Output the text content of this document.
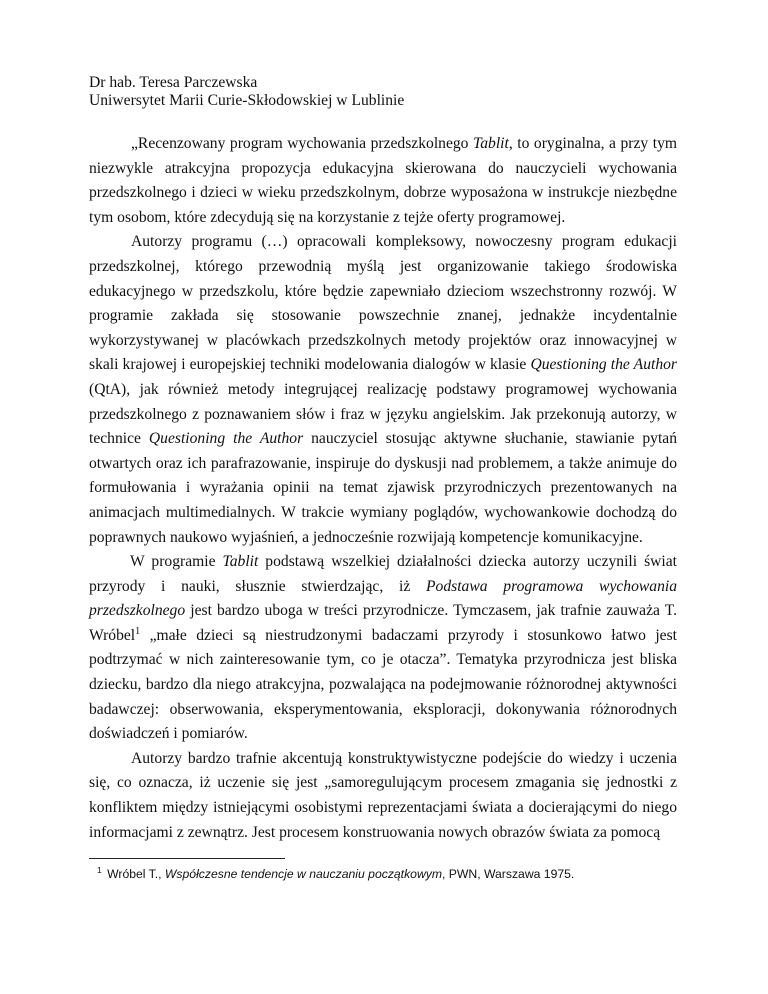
Dr hab. Teresa Parczewska
Uniwersytet Marii Curie-Skłodowskiej w Lublinie

„Recenzowany program wychowania przedszkolnego Tablit, to oryginalna, a przy tym niezwykle atrakcyjna propozycja edukacyjna skierowana do nauczycieli wychowania przedszkolnego i dzieci w wieku przedszkolnym, dobrze wyposażona w instrukcje niezbędne tym osobom, które zdecydują się na korzystanie z tejże oferty programowej.

Autorzy programu (…) opracowali kompleksowy, nowoczesny program edukacji przedszkolnej, którego przewodnią myślą jest organizowanie takiego środowiska edukacyjnego w przedszkolu, które będzie zapewniało dzieciom wszechstronny rozwój. W programie zakłada się stosowanie powszechnie znanej, jednakże incydentalnie wykorzystywanej w placówkach przedszkolnych metody projektów oraz innowacyjnej w skali krajowej i europejskiej techniki modelowania dialogów w klasie Questioning the Author (QtA), jak również metody integrującej realizację podstawy programowej wychowania przedszkolnego z poznawaniem słów i fraz w języku angielskim. Jak przekonują autorzy, w technice Questioning the Author nauczyciel stosując aktywne słuchanie, stawianie pytań otwartych oraz ich parafrazowanie, inspiruje do dyskusji nad problemem, a także animuje do formułowania i wyrażania opinii na temat zjawisk przyrodniczych prezentowanych na animacjach multimedialnych. W trakcie wymiany poglądów, wychowankowie dochodzą do poprawnych naukowo wyjaśnień, a jednocześnie rozwijają kompetencje komunikacyjne.

W programie Tablit podstawą wszelkiej działalności dziecka autorzy uczynili świat przyrody i nauki, słusznie stwierdzając, iż Podstawa programowa wychowania przedszkolnego jest bardzo uboga w treści przyrodnicze. Tymczasem, jak trafnie zauważa T. Wróbel$^1$ „małe dzieci są niestrudzonymi badaczami przyrody i stosunkowo łatwo jest podtrzymać w nich zainteresowanie tym, co je otacza”. Tematyka przyrodnicza jest bliska dziecku, bardzo dla niego atrakcyjna, pozwalająca na podejmowanie różnorodnej aktywności badawczej: obserwowania, eksperymentowania, eksploracji, dokonywania różnorodnych doświadczeń i pomiarów.

Autorzy bardzo trafnie akcentują konstruktywistyczne podejście do wiedzy i uczenia się, co oznacza, iż uczenie się jest „samoregulującym procesem zmagania się jednostki z konfliktem między istniejącymi osobistymi reprezentacjami świata a docierającymi do niego informacjami z zewnątrz. Jest procesem konstruowania nowych obrazów świata za pomocą

$^1$ Wróbel T., Współczesne tendencje w nauczaniu początkowym, PWN, Warszawa 1975.
